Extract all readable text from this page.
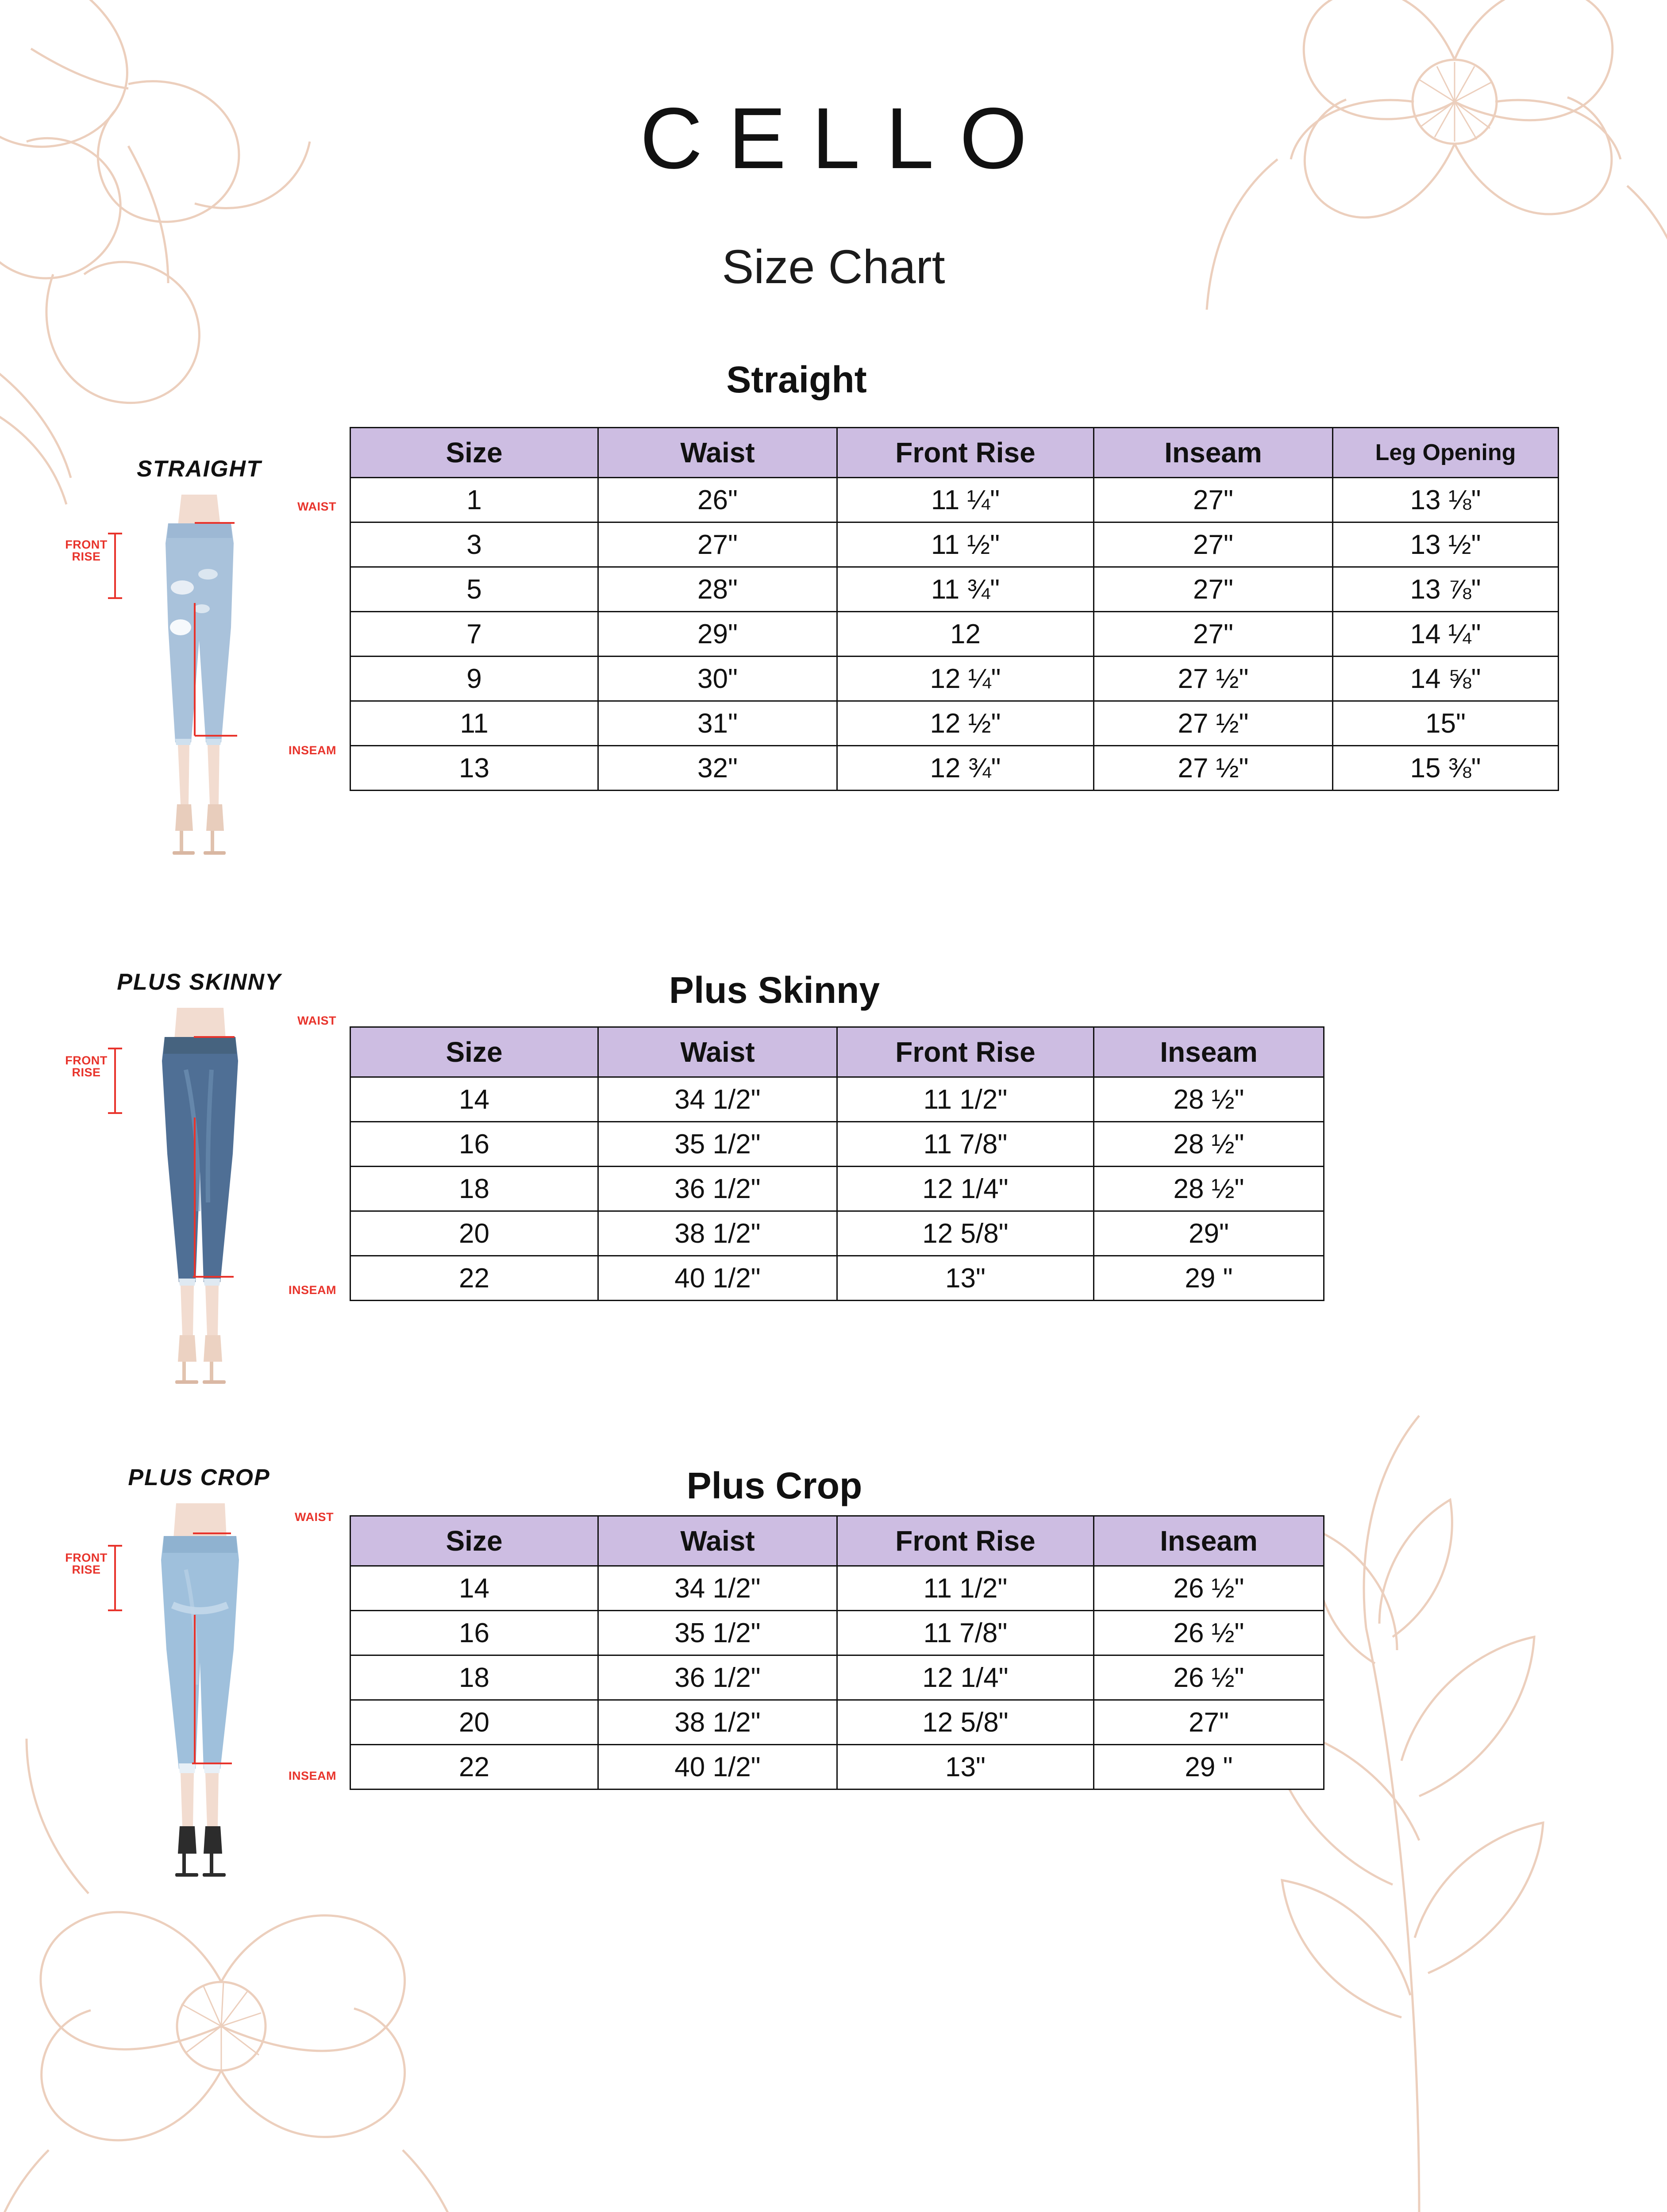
CELLO
Size Chart
Straight
Plus Skinny
Plus Crop
Size	Waist	Front Rise	Inseam	Leg Opening
1	26"	11 ¼"	27"	13 ⅛"
3	27"	11 ½"	27"	13 ½"
5	28"	11 ¾"	27"	13 ⅞"
7	29"	12	27"	14 ¼"
9	30"	12 ¼"	27 ½"	14 ⅝"
11	31"	12 ½"	27 ½"	15"
13	32"	12 ¾"	27 ½"	15 ⅜"
Size	Waist	Front Rise	Inseam
14	34 1/2"	11 1/2"	28 ½"
16	35 1/2"	11 7/8"	28 ½"
18	36 1/2"	12 1/4"	28 ½"
20	38 1/2"	12 5/8"	29"
22	40 1/2"	13"	29 "
Size	Waist	Front Rise	Inseam
14	34 1/2"	11 1/2"	26 ½"
16	35 1/2"	11 7/8"	26 ½"
18	36 1/2"	12 1/4"	26 ½"
20	38 1/2"	12 5/8"	27"
22	40 1/2"	13"	29 "
STRAIGHT
WAIST
FRONT
RISE
INSEAM
PLUS SKINNY
WAIST
FRONT
RISE
INSEAM
PLUS CROP
WAIST
FRONT
RISE
INSEAM
